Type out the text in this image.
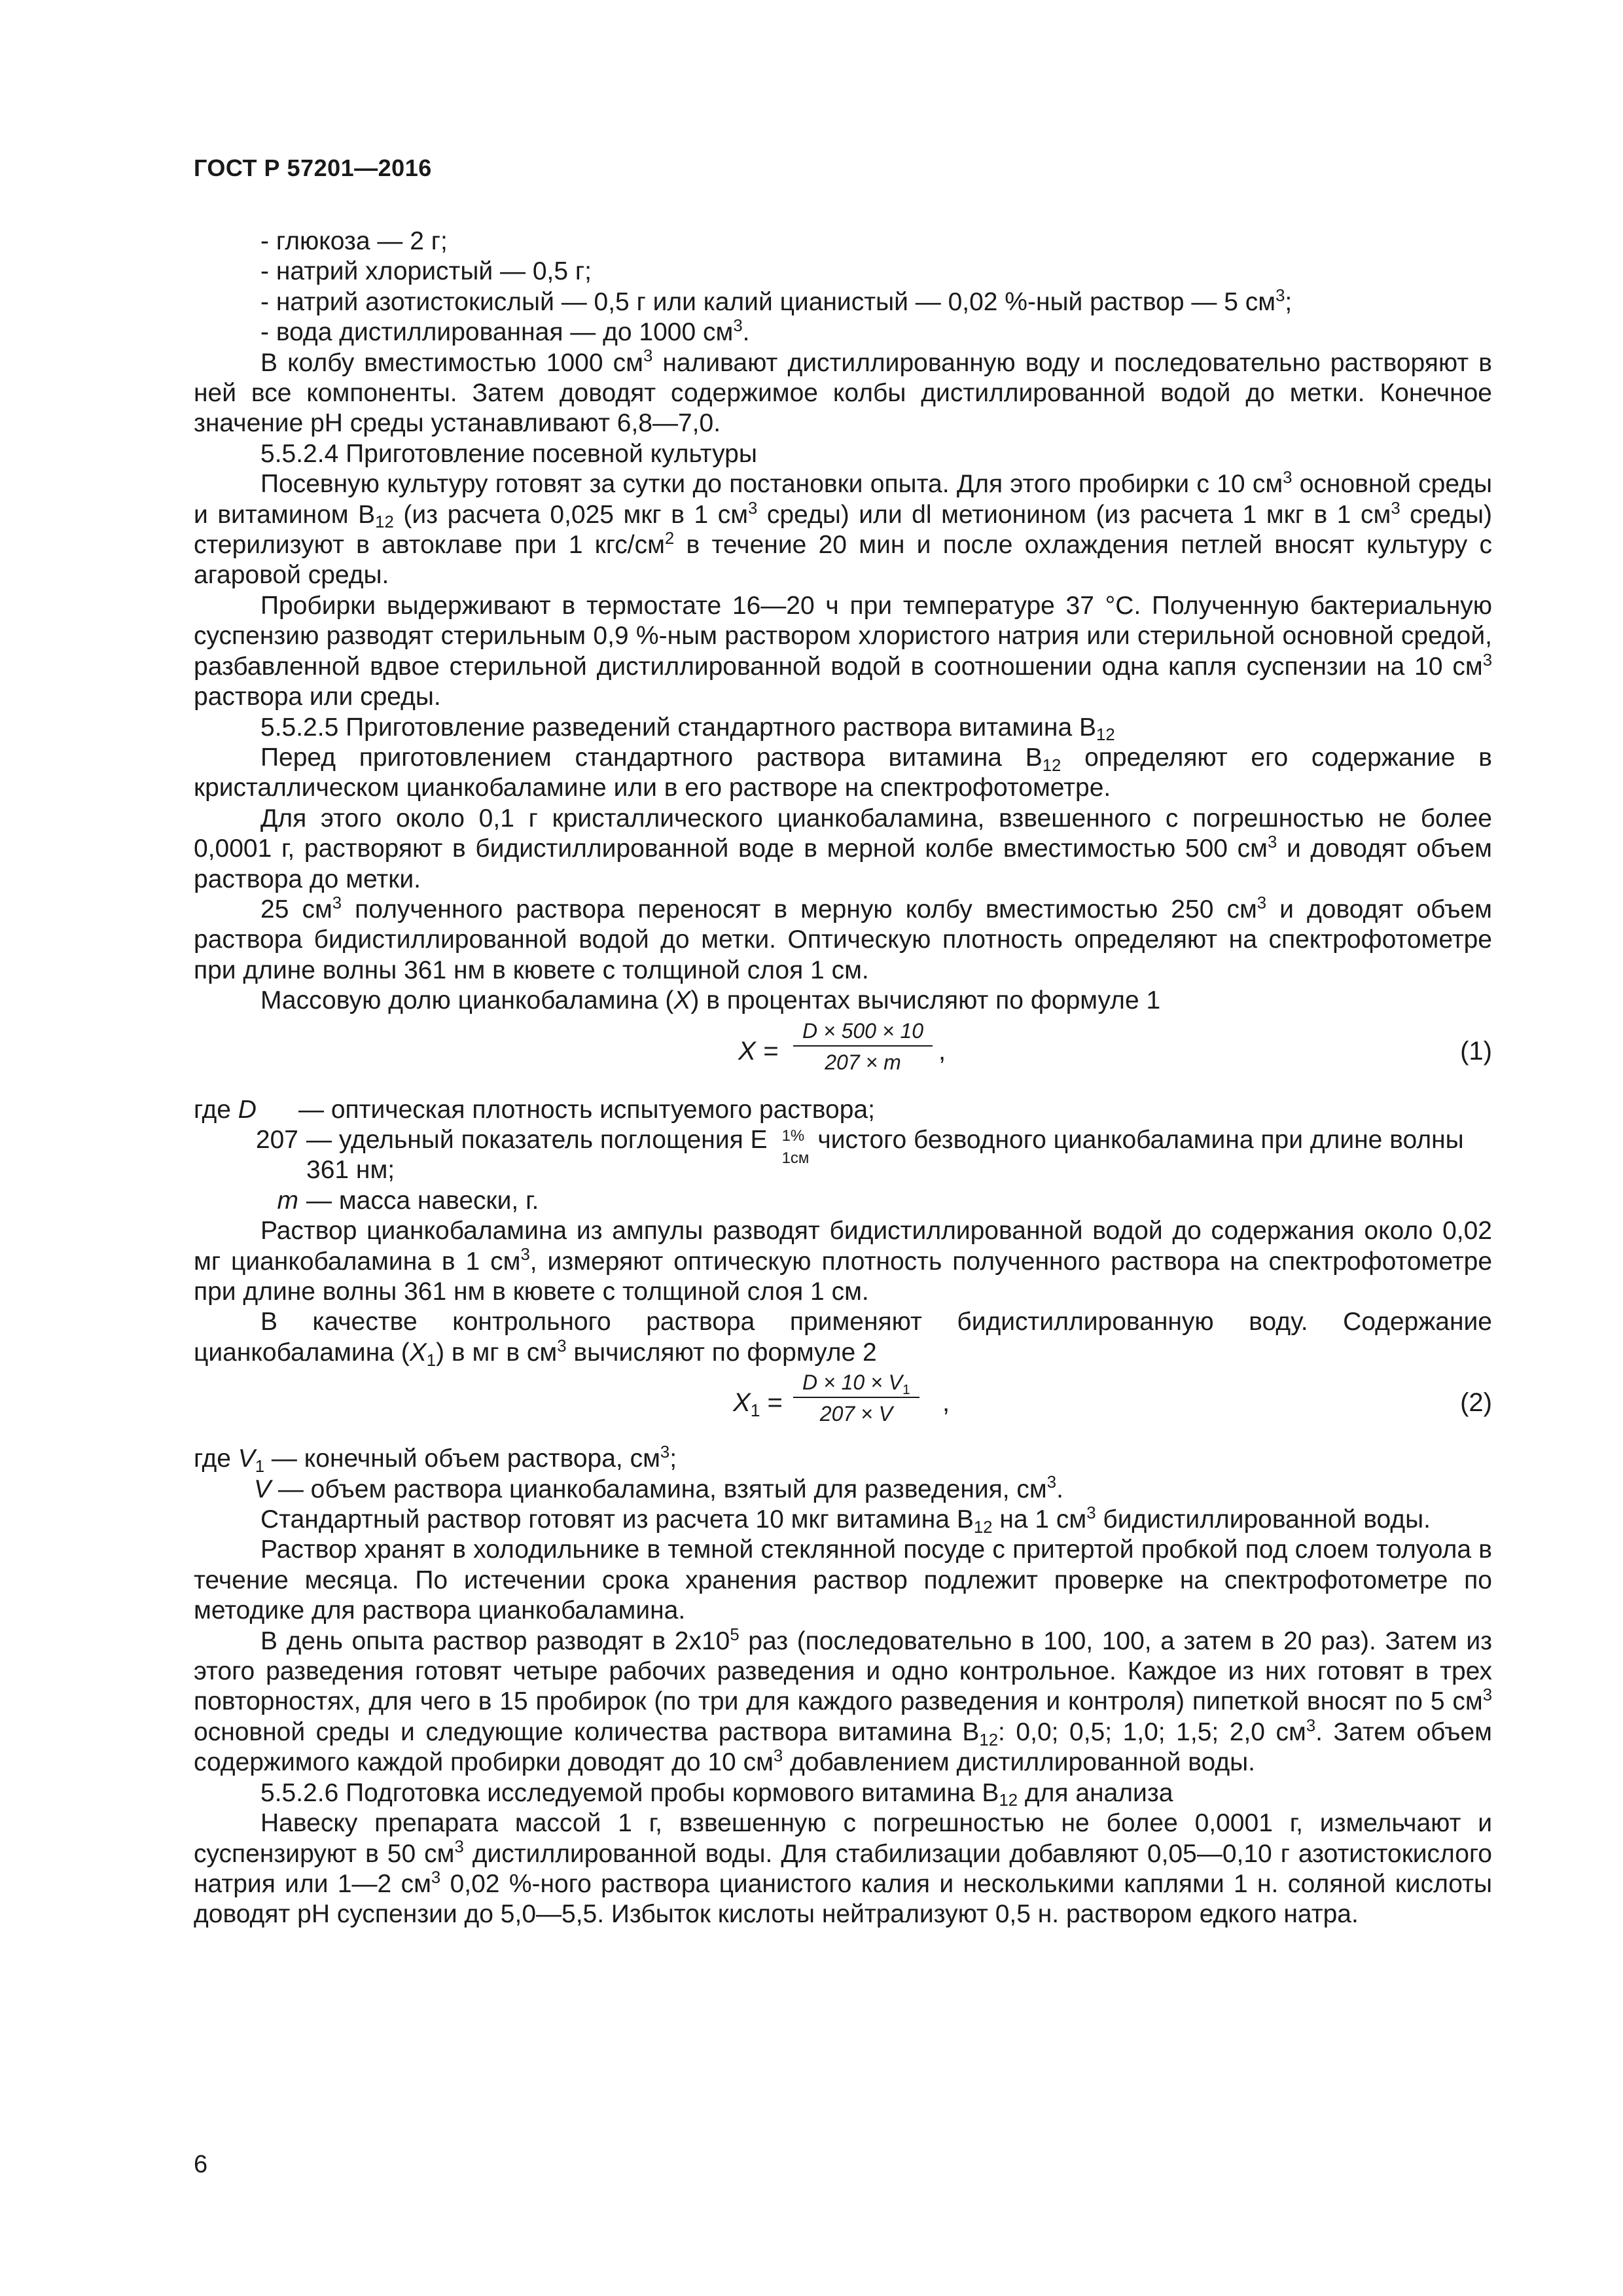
ГОСТ Р 57201—2016

- глюкоза — 2 г;

- натрий хлористый — 0,5 г;

- натрий азотистокислый — 0,5 г или калий цианистый — 0,02 %-ный раствор — 5 $см^3$;

- вода дистиллированная — до 1000 $см^3$.

В колбу вместимостью 1000 $см^3$ наливают дистиллированную воду и последовательно растворяют в ней все компоненты. Затем доводят содержимое колбы дистиллированной водой до метки. Конечное значение pH среды устанавливают 6,8—7,0.

5.5.2.4 Приготовление посевной культуры

Посевную культуру готовят за сутки до постановки опыта. Для этого пробирки с 10 $см^3$ основной среды и витамином $B_{12}$ (из расчета 0,025 мкг в 1 $см^3$ среды) или dl метионином (из расчета 1 мкг в 1 $см^3$ среды) стерилизуют в автоклаве при 1 кгс/$см^2$ в течение 20 мин и после охлаждения петлей вносят культуру с агаровой среды.

Пробирки выдерживают в термостате 16—20 ч при температуре 37 °С. Полученную бактериальную суспензию разводят стерильным 0,9 %-ным раствором хлористого натрия или стерильной основной средой, разбавленной вдвое стерильной дистиллированной водой в соотношении одна капля суспензии на 10 $см^3$ раствора или среды.

5.5.2.5 Приготовление разведений стандартного раствора витамина $B_{12}$

Перед приготовлением стандартного раствора витамина $B_{12}$ определяют его содержание в кристаллическом цианкобаламине или в его растворе на спектрофотометре.

Для этого около 0,1 г кристаллического цианкобаламина, взвешенного с погрешностью не более 0,0001 г, растворяют в бидистиллированной воде в мерной колбе вместимостью 500 $см^3$ и доводят объем раствора до метки.

25 $см^3$ полученного раствора переносят в мерную колбу вместимостью 250 $см^3$ и доводят объем раствора бидистиллированной водой до метки. Оптическую плотность определяют на спектрофотометре при длине волны 361 нм в кювете с толщиной слоя 1 см.

Массовую долю цианкобаламина (X) в процентах вычисляют по формуле 1

$X = \frac{D \times 500 \times 10}{207 \times m}$ ,	(1)
где D	— оптическая плотность испытуемого раствора;
207 — удельный показатель поглощения E 1%
1см
чистого безводного цианкобаламина при длине волны 361 нм;
m — масса навески, г.

Раствор цианкобаламина из ампулы разводят бидистиллированной водой до содержания около 0,02 мг цианкобаламина в 1 $см^3$, измеряют оптическую плотность полученного раствора на спектрофотометре при длине волны 361 нм в кювете с толщиной слоя 1 см.

В качестве контрольного раствора применяют бидистиллированную воду. Содержание цианкобаламина $(X_1)$ в мг в $см^3$ вычисляют по формуле 2

$X_1 = \frac{D \times 10 \times V_1}{207 \times V}$ ,	(2)

где $V_1$ — конечный объем раствора, $см^3$;

V — объем раствора цианкобаламина, взятый для разведения, $см^3$.

Стандартный раствор готовят из расчета 10 мкг витамина $B_{12}$ на 1 $см^3$ бидистиллированной воды.

Раствор хранят в холодильнике в темной стеклянной посуде с притертой пробкой под слоем толуола в течение месяца. По истечении срока хранения раствор подлежит проверке на спектрофотометре по методике для раствора цианкобаламина.

В день опыта раствор разводят в $2х10^5$ раз (последовательно в 100, 100, а затем в 20 раз). Затем из этого разведения готовят четыре рабочих разведения и одно контрольное. Каждое из них готовят в трех повторностях, для чего в 15 пробирок (по три для каждого разведения и контроля) пипеткой вносят по 5 $см^3$ основной среды и следующие количества раствора витамина $B_{12}$: 0,0; 0,5; 1,0; 1,5; 2,0 $см^3$. Затем объем содержимого каждой пробирки доводят до 10 $см^3$ добавлением дистиллированной воды.

5.5.2.6 Подготовка исследуемой пробы кормового витамина $B_{12}$ для анализа

Навеску препарата массой 1 г, взвешенную с погрешностью не более 0,0001 г, измельчают и суспензируют в 50 $см^3$ дистиллированной воды. Для стабилизации добавляют 0,05—0,10 г азотистокислого натрия или 1—2 $см^3$ 0,02 %-ного раствора цианистого калия и несколькими каплями 1 н. соляной кислоты доводят pH суспензии до 5,0—5,5. Избыток кислоты нейтрализуют 0,5 н. раствором едкого натра.

6
